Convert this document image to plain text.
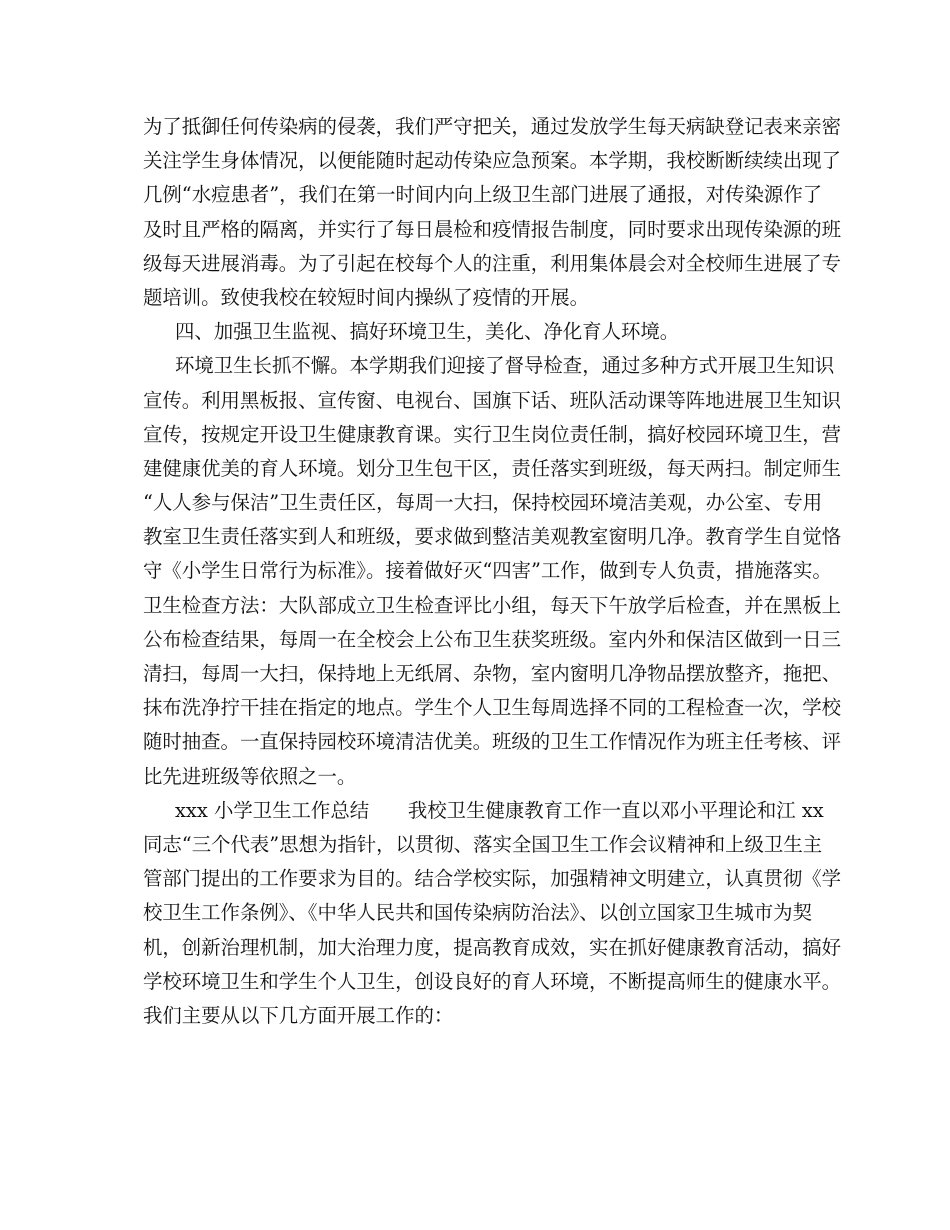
为了抵御任何传染病的侵袭，我们严守把关，通过发放学生每天病缺登记表来亲密
关注学生身体情况，以便能随时起动传染应急预案。本学期，我校断断续续出现了
几例“水痘患者”，我们在第一时间内向上级卫生部门进展了通报，对传染源作了
及时且严格的隔离，并实行了每日晨检和疫情报告制度，同时要求出现传染源的班
级每天进展消毒。为了引起在校每个人的注重，利用集体晨会对全校师生进展了专
题培训。致使我校在较短时间内操纵了疫情的开展。
四、加强卫生监视、搞好环境卫生，美化、净化育人环境。
环境卫生长抓不懈。本学期我们迎接了督导检查，通过多种方式开展卫生知识
宣传。利用黑板报、宣传窗、电视台、国旗下话、班队活动课等阵地进展卫生知识
宣传，按规定开设卫生健康教育课。实行卫生岗位责任制，搞好校园环境卫生，营
建健康优美的育人环境。划分卫生包干区，责任落实到班级，每天两扫。制定师生
“人人参与保洁”卫生责任区，每周一大扫，保持校园环境洁美观，办公室、专用
教室卫生责任落实到人和班级，要求做到整洁美观教室窗明几净。教育学生自觉恪
守《小学生日常行为标准》。接着做好灭“四害”工作，做到专人负责，措施落实。
卫生检查方法：大队部成立卫生检查评比小组，每天下午放学后检查，并在黑板上
公布检查结果，每周一在全校会上公布卫生获奖班级。室内外和保洁区做到一日三
清扫，每周一大扫，保持地上无纸屑、杂物，室内窗明几净物品摆放整齐，拖把、
抹布洗净拧干挂在指定的地点。学生个人卫生每周选择不同的工程检查一次，学校
随时抽查。一直保持园校环境清洁优美。班级的卫生工作情况作为班主任考核、评
比先进班级等依照之一。
xxx 小学卫生工作总结　　我校卫生健康教育工作一直以邓小平理论和江 xx
同志“三个代表”思想为指针，以贯彻、落实全国卫生工作会议精神和上级卫生主
管部门提出的工作要求为目的。结合学校实际，加强精神文明建立，认真贯彻《学
校卫生工作条例》、《中华人民共和国传染病防治法》、以创立国家卫生城市为契
机，创新治理机制，加大治理力度，提高教育成效，实在抓好健康教育活动，搞好
学校环境卫生和学生个人卫生，创设良好的育人环境，不断提高师生的健康水平。
我们主要从以下几方面开展工作的：
